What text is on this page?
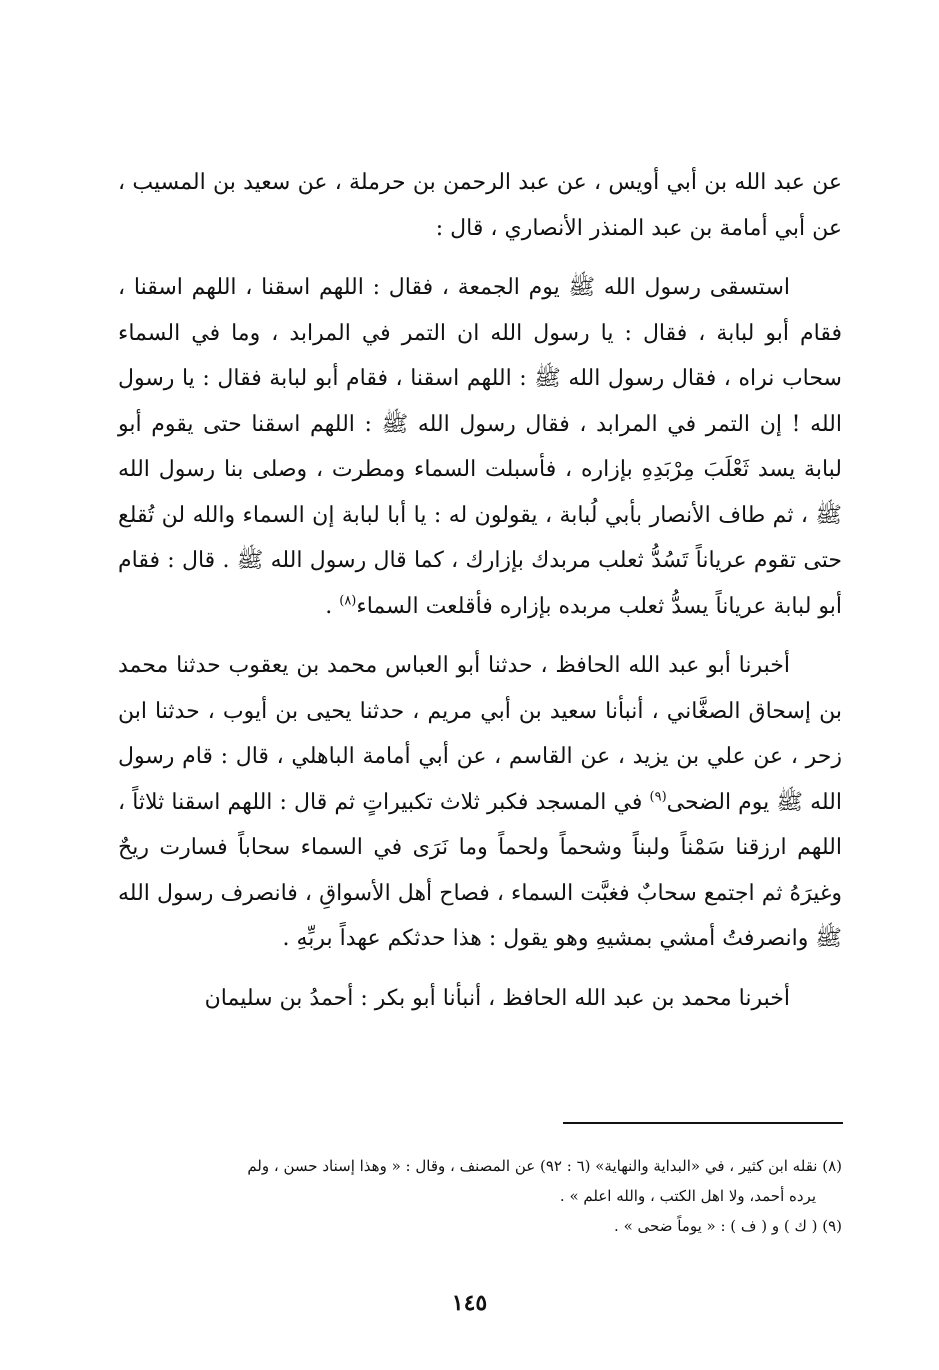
عن عبد الله بن أبي أويس ، عن عبد الرحمن بن حرملة ، عن سعيد بن المسيب ، عن أبي أمامة بن عبد المنذر الأنصاري ، قال :

استسقى رسول الله ﷺ يوم الجمعة ، فقال : اللهم اسقنا ، اللهم اسقنا ، فقام أبو لبابة ، فقال : يا رسول الله ان التمر في المرابد ، وما في السماء سحاب نراه ، فقال رسول الله ﷺ : اللهم اسقنا ، فقام أبو لبابة فقال : يا رسول الله ! إن التمر في المرابد ، فقال رسول الله ﷺ : اللهم اسقنا حتى يقوم أبو لبابة يسد ثَعْلَبَ مِرْبَدِهِ بإزاره ، فأسبلت السماء ومطرت ، وصلى بنا رسول الله ﷺ ، ثم طاف الأنصار بأبي لُبابة ، يقولون له : يا أبا لبابة إن السماء والله لن تُقلع حتى تقوم عرياناً تَسُدُّ ثعلب مربدك بإزارك ، كما قال رسول الله ﷺ . قال : فقام أبو لبابة عرياناً يسدُّ ثعلب مربده بإزاره فأقلعت السماء$^{(٨)}$ .

أخبرنا أبو عبد الله الحافظ ، حدثنا أبو العباس محمد بن يعقوب حدثنا محمد بن إسحاق الصغَّاني ، أنبأنا سعيد بن أبي مريم ، حدثنا يحيى بن أيوب ، حدثنا ابن زحر ، عن علي بن يزيد ، عن القاسم ، عن أبي أمامة الباهلي ، قال : قام رسول الله ﷺ يوم الضحى$^{(٩)}$ في المسجد فكبر ثلاث تكبيراتٍ ثم قال : اللهم اسقنا ثلاثاً ، اللهم ارزقنا سَمْناً ولبناً وشحماً ولحماً وما نَرَى في السماء سحاباً فسارت ريحٌ وغيرَهُ ثم اجتمع سحابٌ فغبَّت السماء ، فصاح أهل الأسواقِ ، فانصرف رسول الله ﷺ وانصرفتُ أمشي بمشيهِ وهو يقول : هذا حدثكم عهداً بربِّهِ .

أخبرنا محمد بن عبد الله الحافظ ، أنبأنا أبو بكر : أحمدُ بن سليمان

(٨) نقله ابن كثير ، في «البداية والنهاية» (٦ : ٩٢) عن المصنف ، وقال : « وهذا إسناد حسن ، ولم

يرده أحمد، ولا اهل الكتب ، والله اعلم » .

(٩) ( ك ) و ( ف ) : « يوماً ضحى » .

١٤٥
